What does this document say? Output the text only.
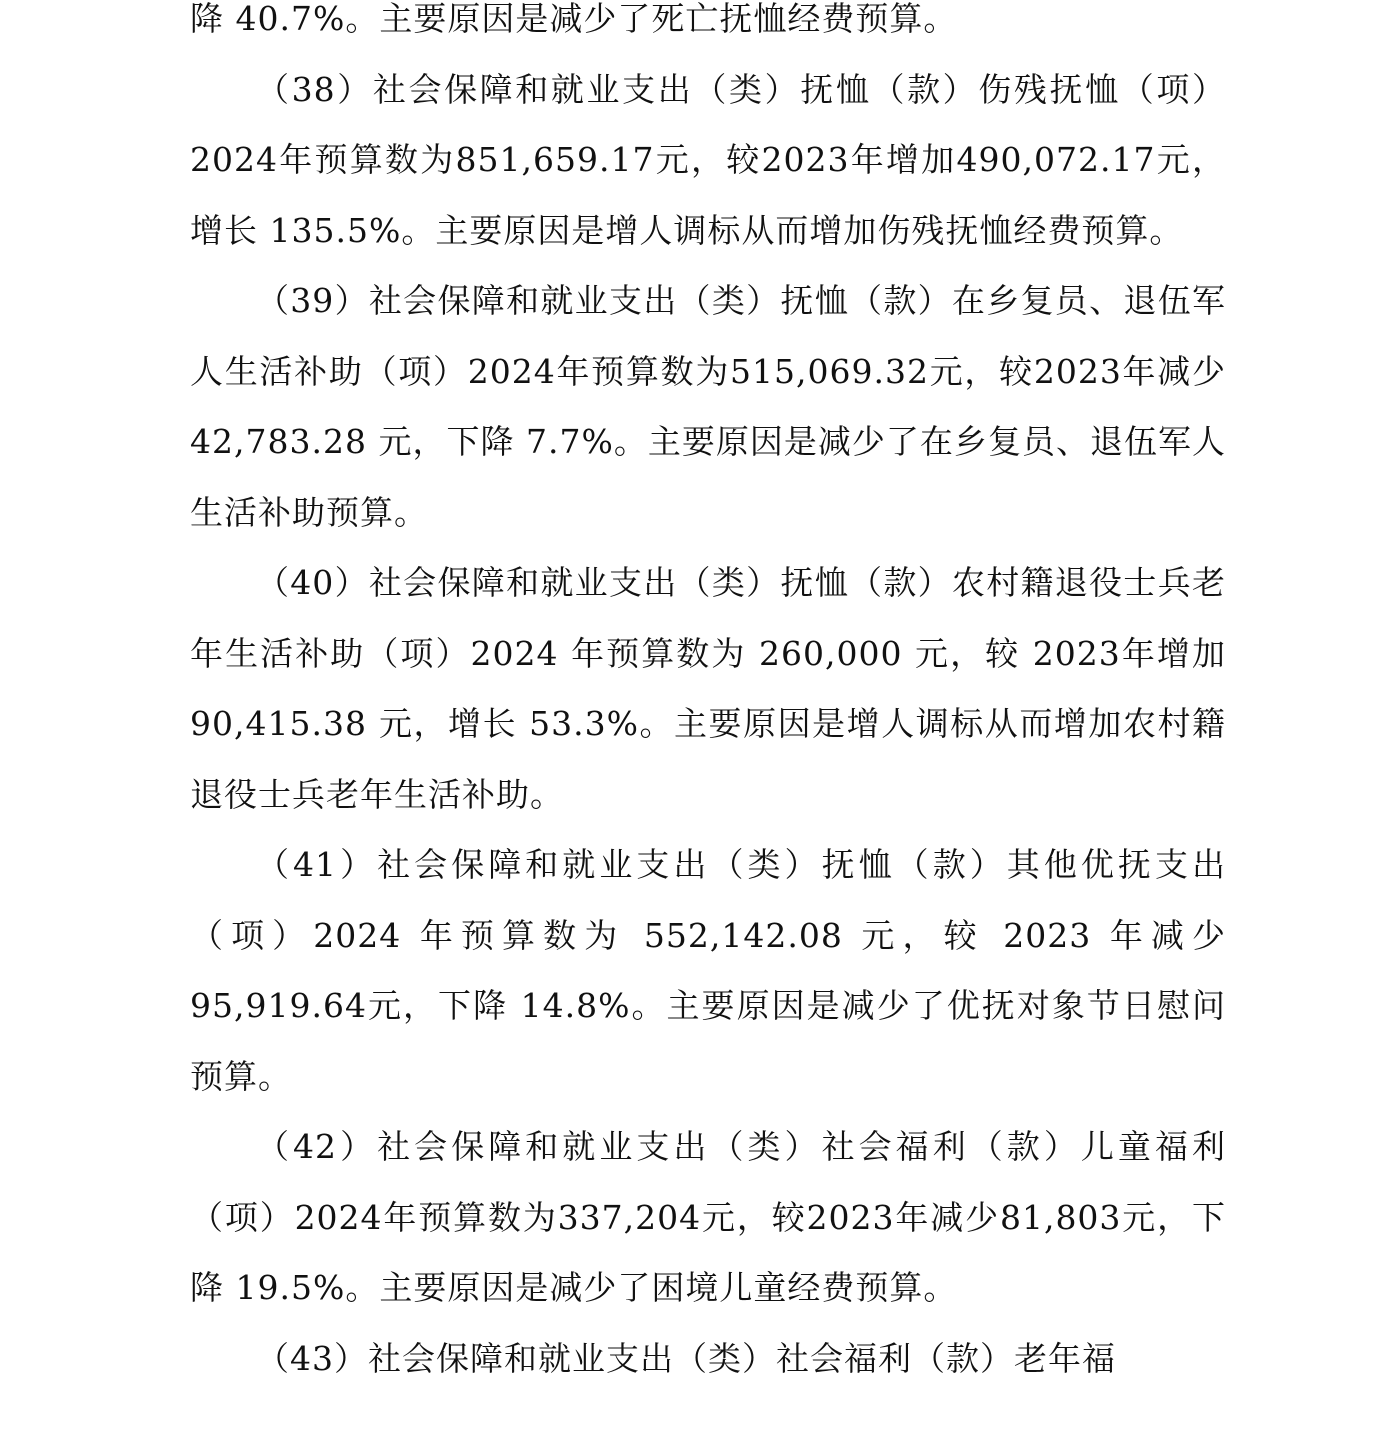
降 40.7%。主要原因是减少了死亡抚恤经费预算。

（38）社会保障和就业支出（类）抚恤（款）伤残抚恤（项）2024年预算数为851,659.17元，较2023年增加490,072.17元，增长 135.5%。主要原因是增人调标从而增加伤残抚恤经费预算。

（39）社会保障和就业支出（类）抚恤（款）在乡复员、退伍军人生活补助（项）2024年预算数为515,069.32元，较2023年减少 42,783.28 元，下降 7.7%。主要原因是减少了在乡复员、退伍军人生活补助预算。

（40）社会保障和就业支出（类）抚恤（款）农村籍退役士兵老年生活补助（项）2024 年预算数为 260,000 元，较 2023年增加 90,415.38 元，增长 53.3%。主要原因是增人调标从而增加农村籍退役士兵老年生活补助。

（41）社会保障和就业支出（类）抚恤（款）其他优抚支出（项）2024 年预算数为 552,142.08 元，较 2023 年减少95,919.64元，下降 14.8%。主要原因是减少了优抚对象节日慰问预算。

（42）社会保障和就业支出（类）社会福利（款）儿童福利（项）2024年预算数为337,204元，较2023年减少81,803元，下降 19.5%。主要原因是减少了困境儿童经费预算。

（43）社会保障和就业支出（类）社会福利（款）老年福
